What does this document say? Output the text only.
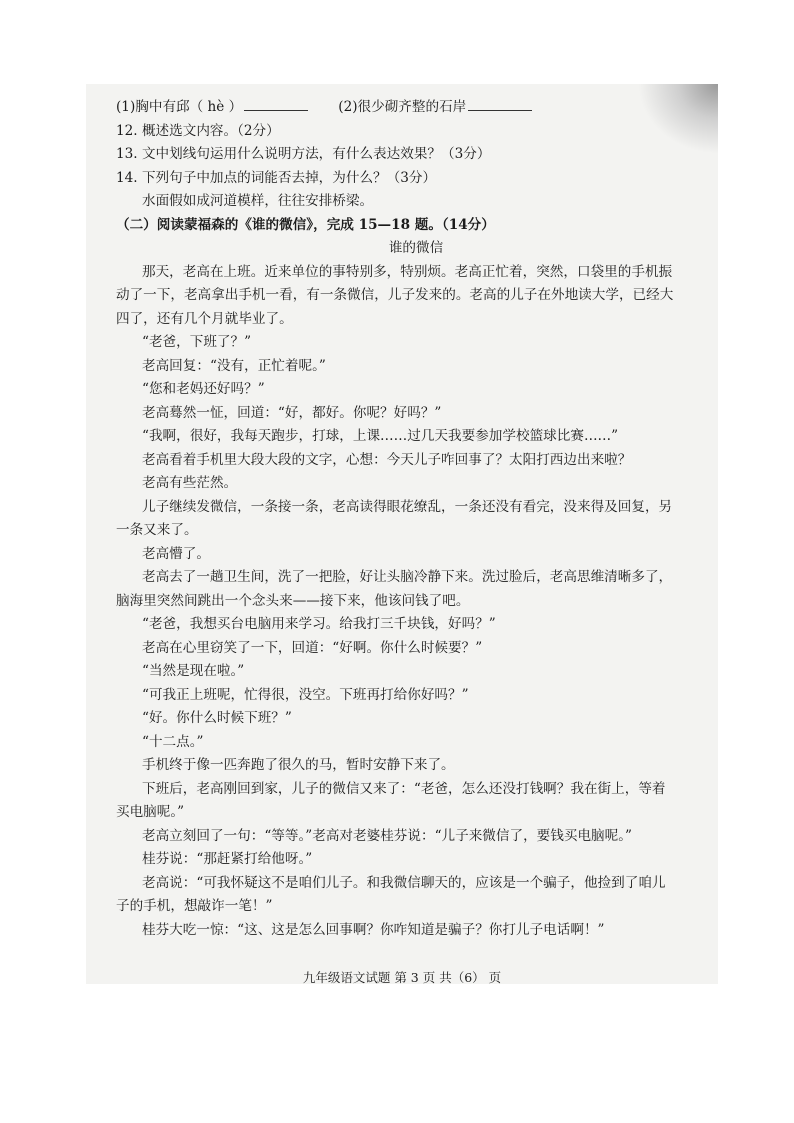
(1)胸中有邱（ hè ）	(2)很少砌齐整的石岸
12. 概述选文内容。（2分）
13. 文中划线句运用什么说明方法，有什么表达效果？（3分）
14. 下列句子中加点的词能否去掉，为什么？（3分）
水面假如成河道模样，往往安排桥梁。
（二）阅读蒙福森的《谁的微信》，完成 15—18 题。（14分）
谁的微信
那天，老高在上班。近来单位的事特别多，特别烦。老高正忙着，突然，口袋里的手机振
动了一下，老高拿出手机一看，有一条微信，儿子发来的。老高的儿子在外地读大学，已经大
四了，还有几个月就毕业了。
“老爸，下班了？”
老高回复：“没有，正忙着呢。”
“您和老妈还好吗？”
老高蓦然一怔，回道：“好，都好。你呢？好吗？”
“我啊，很好，我每天跑步，打球，上课……过几天我要参加学校篮球比赛……”
老高看着手机里大段大段的文字，心想：今天儿子咋回事了？太阳打西边出来啦？
老高有些茫然。
儿子继续发微信，一条接一条，老高读得眼花缭乱，一条还没有看完，没来得及回复，另
一条又来了。
老高懵了。
老高去了一趟卫生间，洗了一把脸，好让头脑冷静下来。洗过脸后，老高思维清晰多了，
脑海里突然间跳出一个念头来——接下来，他该问钱了吧。
“老爸，我想买台电脑用来学习。给我打三千块钱，好吗？”
老高在心里窃笑了一下，回道：“好啊。你什么时候要？”
“当然是现在啦。”
“可我正上班呢，忙得很，没空。下班再打给你好吗？”
“好。你什么时候下班？”
“十二点。”
手机终于像一匹奔跑了很久的马，暂时安静下来了。
下班后，老高刚回到家，儿子的微信又来了：“老爸，怎么还没打钱啊？我在街上，等着
买电脑呢。”
老高立刻回了一句：“等等。”老高对老婆桂芬说：“儿子来微信了，要钱买电脑呢。”
桂芬说：“那赶紧打给他呀。”
老高说：“可我怀疑这不是咱们儿子。和我微信聊天的，应该是一个骗子，他捡到了咱儿
子的手机，想敲诈一笔！”
桂芬大吃一惊：“这、这是怎么回事啊？你咋知道是骗子？你打儿子电话啊！”
九年级语文试题 第 3 页 共（6） 页
